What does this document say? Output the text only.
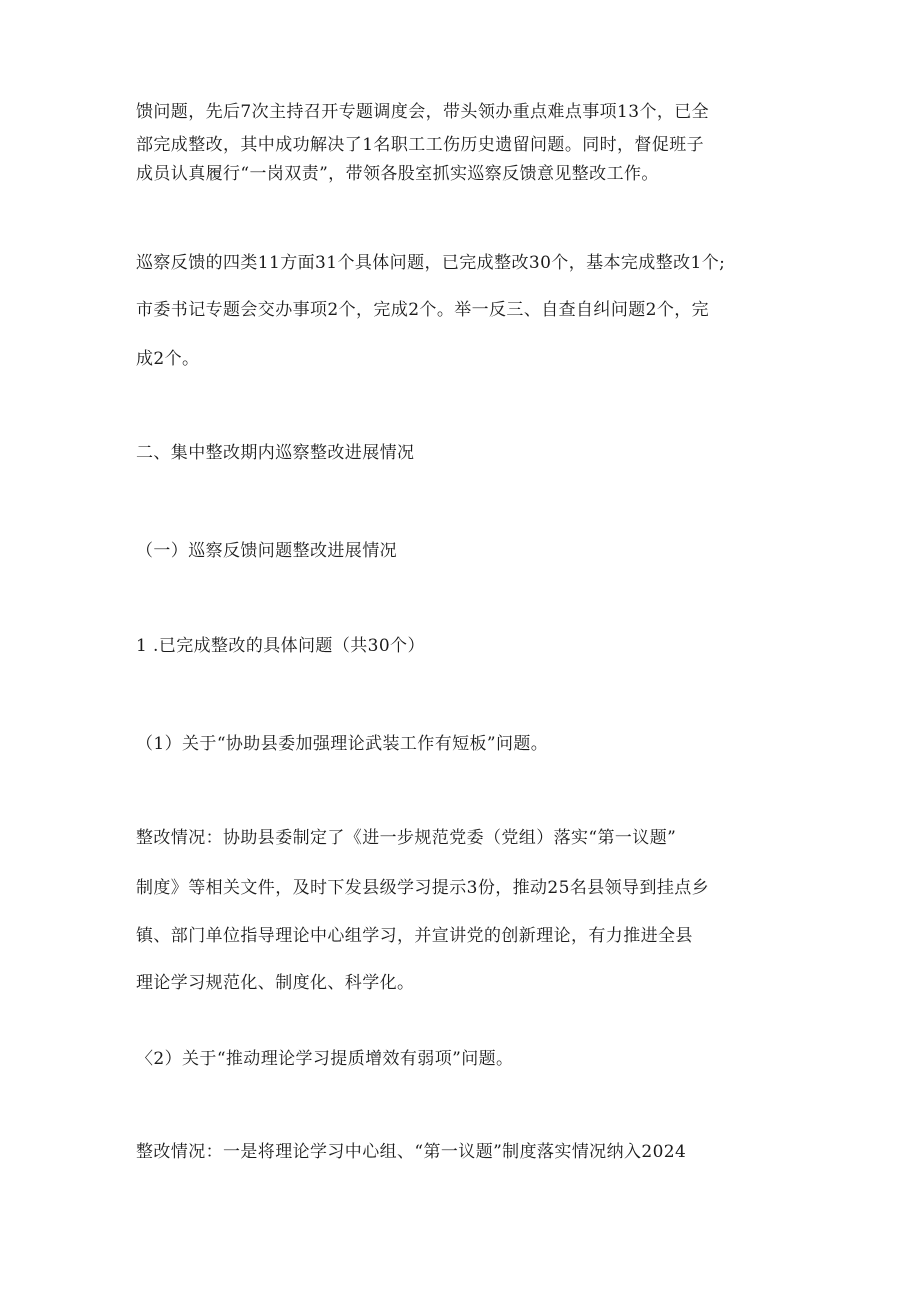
馈问题，先后7次主持召开专题调度会，带头领办重点难点事项13个，已全

部完成整改，其中成功解决了1名职工工伤历史遗留问题。同时，督促班子

成员认真履行“一岗双责”，带领各股室抓实巡察反馈意见整改工作。

巡察反馈的四类11方面31个具体问题，已完成整改30个，基本完成整改1个;

市委书记专题会交办事项2个，完成2个。举一反三、自查自纠问题2个，完

成2个。

二、集中整改期内巡察整改进展情况

（一）巡察反馈问题整改进展情况

1 .已完成整改的具体问题（共30个）

（1）关于“协助县委加强理论武装工作有短板”问题。

整改情况：协助县委制定了《进一步规范党委（党组）落实“第一议题”

制度》等相关文件，及时下发县级学习提示3份，推动25名县领导到挂点乡

镇、部门单位指导理论中心组学习，并宣讲党的创新理论，有力推进全县

理论学习规范化、制度化、科学化。

〈2）关于“推动理论学习提质增效有弱项”问题。

整改情况：一是将理论学习中心组、“第一议题”制度落实情况纳入2024
